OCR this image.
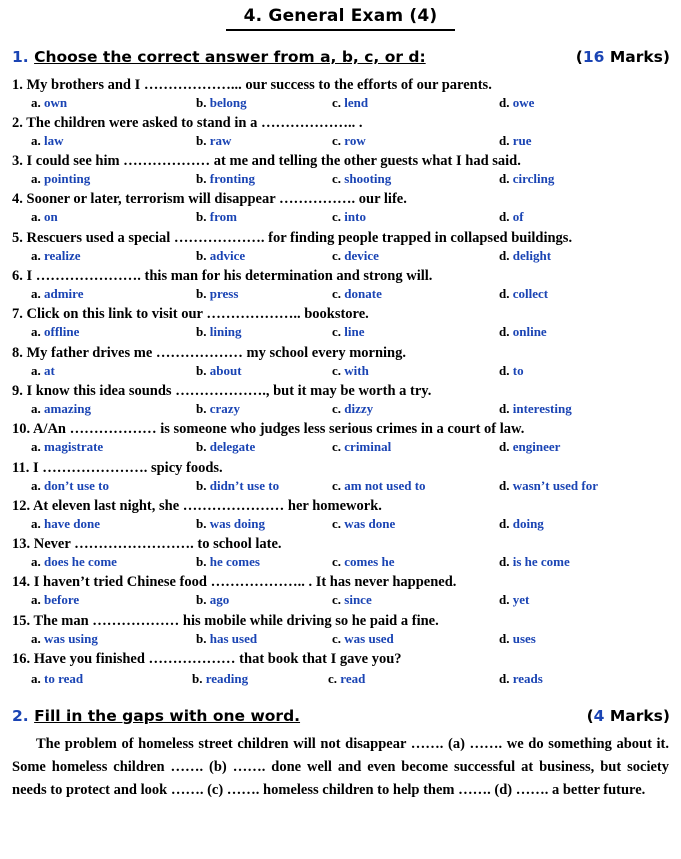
4. General Exam (4)
1. Choose the correct answer from a, b, c, or d:	(16 Marks)
1. My brothers and I ………………... our success to the efforts of our parents.
a. own	b. belong	c. lend	d. owe
2. The children were asked to stand in a ……………….. .
a. law	b. raw	c. row	d. rue
3. I could see him ……………… at me and telling the other guests what I had said.
a. pointing	b. fronting	c. shooting	d. circling
4. Sooner or later, terrorism will disappear ……………. our life.
a. on	b. from	c. into	d. of
5. Rescuers used a special ………………. for finding people trapped in collapsed buildings.
a. realize	b. advice	c. device	d. delight
6. I …………………. this man for his determination and strong will.
a. admire	b. press	c. donate	d. collect
7. Click on this link to visit our ……………….. bookstore.
a. offline	b. lining	c. line	d. online
8. My father drives me ……………… my school every morning.
a. at	b. about	c. with	d. to
9. I know this idea sounds ………………., but it may be worth a try.
a. amazing	b. crazy	c. dizzy	d. interesting
10. A/An ……………… is someone who judges less serious crimes in a court of law.
a. magistrate	b. delegate	c. criminal	d. engineer
11. I …………………. spicy foods.
a. don’t use to	b. didn’t use to	c. am not used to	d. wasn’t used for
12. At eleven last night, she ………………… her homework.
a. have done	b. was doing	c. was done	d. doing
13. Never ……………………. to school late.
a. does he come	b. he comes	c. comes he	d. is he come
14. I haven’t tried Chinese food ……………….. . It has never happened.
a. before	b. ago	c. since	d. yet
15. The man ……………… his mobile while driving so he paid a fine.
a. was using	b. has used	c. was used	d. uses
16. Have you finished ……………… that book that I gave you?
a. to read	b. reading	c. read	d. reads
2. Fill in the gaps with one word.	(4 Marks)
The problem of homeless street children will not disappear ……. (a) ……. we do something about it. Some homeless children ……. (b) ……. done well and even become successful at business, but society needs to protect and look ……. (c) ……. homeless children to help them ……. (d) ……. a better future.
